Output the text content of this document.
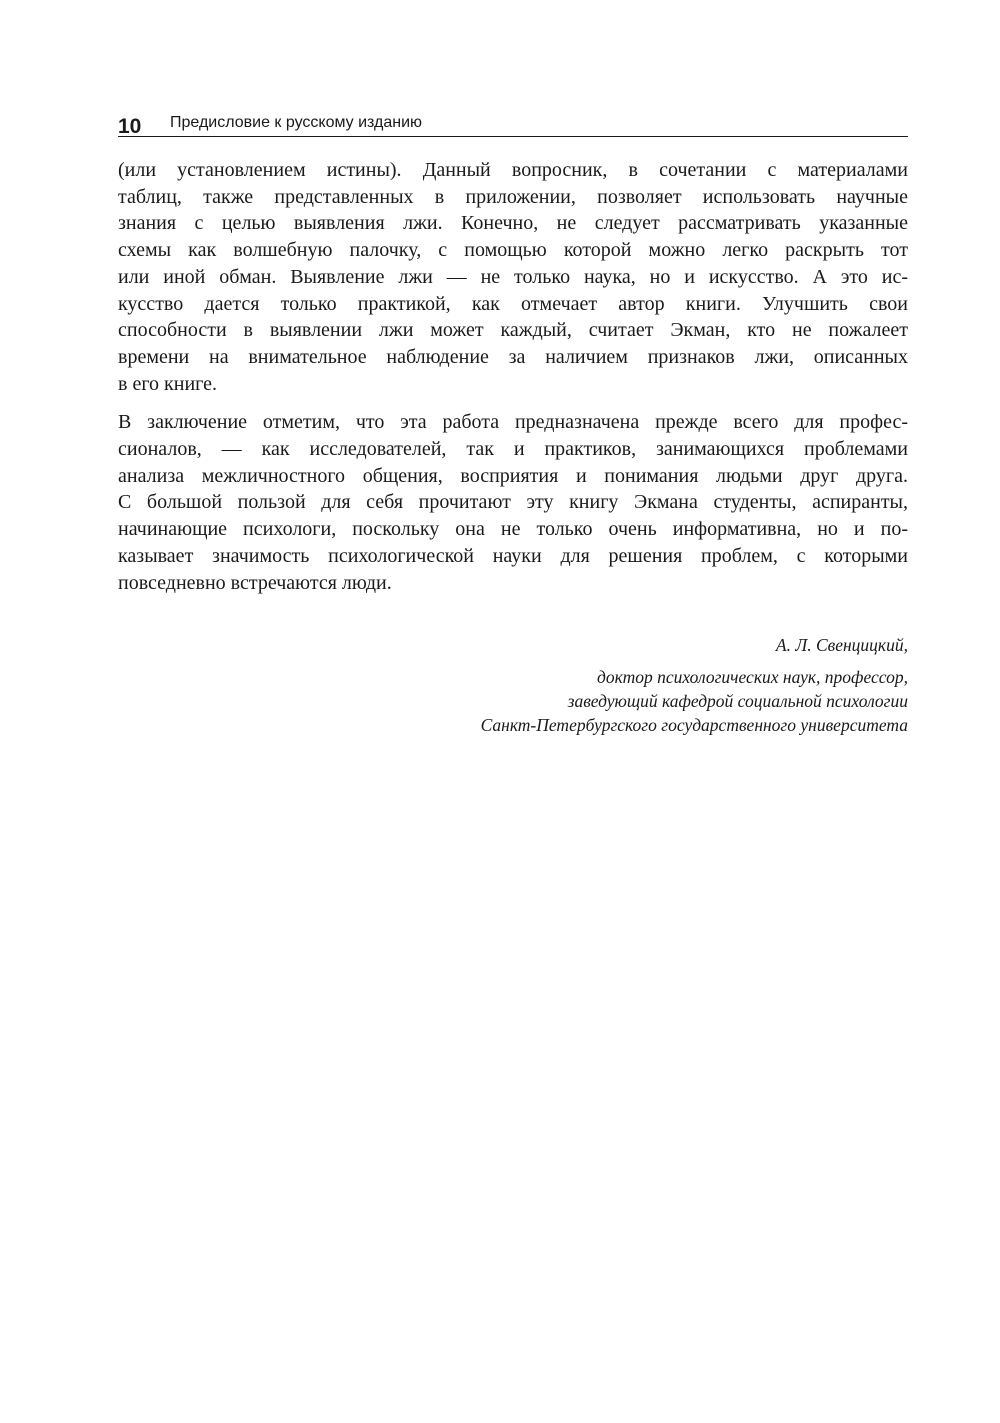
10 Предисловие к русскому изданию

(или установлением истины). Данный вопросник, в сочетании с материалами
таблиц, также представленных в приложении, позволяет использовать научные
знания с целью выявления лжи. Конечно, не следует рассматривать указанные
схемы как волшебную палочку, с помощью которой можно легко раскрыть тот
или иной обман. Выявление лжи — не только наука, но и искусство. А это ис-
кусство дается только практикой, как отмечает автор книги. Улучшить свои
способности в выявлении лжи может каждый, считает Экман, кто не пожалеет
времени на внимательное наблюдение за наличием признаков лжи, описанных
в его книге.

В заключение отметим, что эта работа предназначена прежде всего для профес-
сионалов, — как исследователей, так и практиков, занимающихся проблемами
анализа межличностного общения, восприятия и понимания людьми друг друга.
С большой пользой для себя прочитают эту книгу Экмана студенты, аспиранты,
начинающие психологи, поскольку она не только очень информативна, но и по-
казывает значимость психологической науки для решения проблем, с которыми
повседневно встречаются люди.

А. Л. Свенцицкий,
доктор психологических наук, профессор,
заведующий кафедрой социальной психологии
Санкт-Петербургского государственного университета
